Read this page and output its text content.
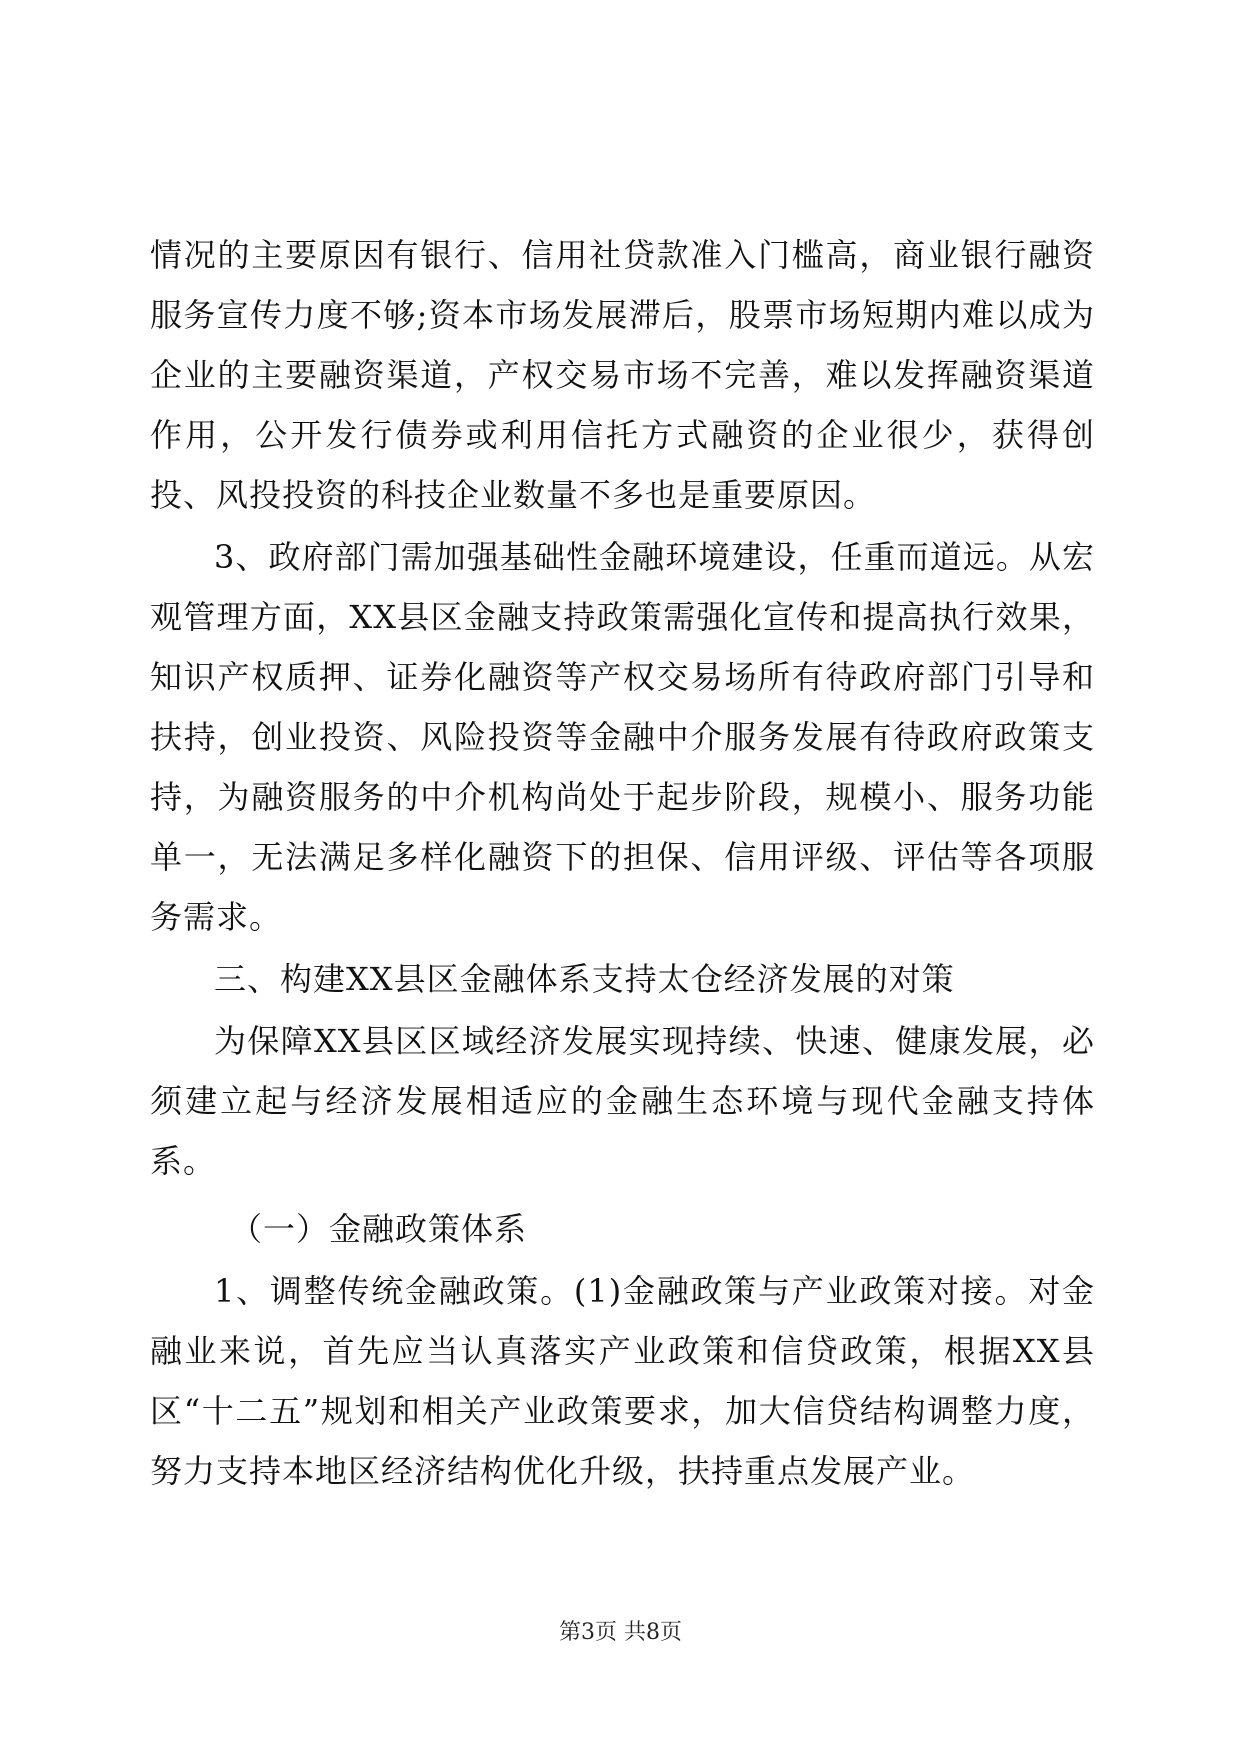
情况的主要原因有银行、信用社贷款准入门槛高，商业银行融资服务宣传力度不够;资本市场发展滞后，股票市场短期内难以成为企业的主要融资渠道，产权交易市场不完善，难以发挥融资渠道作用，公开发行债券或利用信托方式融资的企业很少，获得创投、风投投资的科技企业数量不多也是重要原因。

3、政府部门需加强基础性金融环境建设，任重而道远。从宏观管理方面，XX县区金融支持政策需强化宣传和提高执行效果，知识产权质押、证券化融资等产权交易场所有待政府部门引导和扶持，创业投资、风险投资等金融中介服务发展有待政府政策支持，为融资服务的中介机构尚处于起步阶段，规模小、服务功能单一，无法满足多样化融资下的担保、信用评级、评估等各项服务需求。

三、构建XX县区金融体系支持太仓经济发展的对策

为保障XX县区区域经济发展实现持续、快速、健康发展，必须建立起与经济发展相适应的金融生态环境与现代金融支持体系。

（一）金融政策体系

1、调整传统金融政策。(1)金融政策与产业政策对接。对金融业来说，首先应当认真落实产业政策和信贷政策，根据XX县区“十二五”规划和相关产业政策要求，加大信贷结构调整力度，努力支持本地区经济结构优化升级，扶持重点发展产业。

第3页 共8页
